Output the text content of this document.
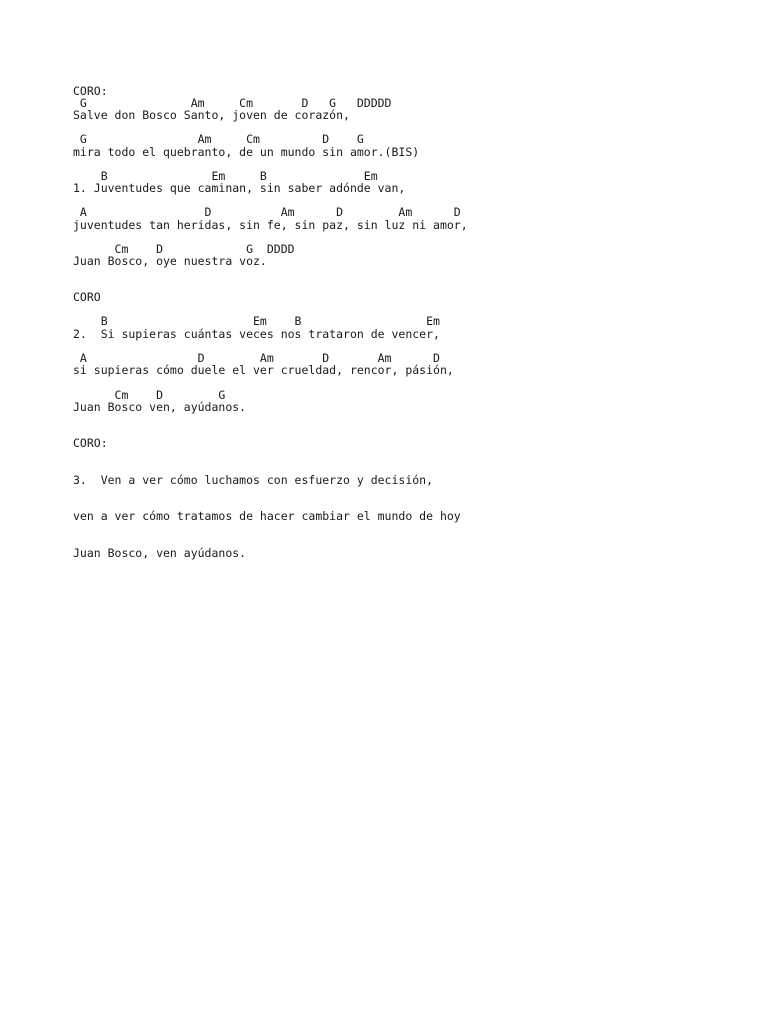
CORO:
G               Am     Cm       D   G   DDDDD
Salve don Bosco Santo, joven de corazón,
G                Am     Cm         D    G
mira todo el quebranto, de un mundo sin amor.(BIS)
B               Em     B              Em
1. Juventudes que caminan, sin saber adónde van,
A                 D          Am      D        Am      D
juventudes tan heridas, sin fe, sin paz, sin luz ni amor,
Cm    D            G  DDDD
Juan Bosco, oye nuestra voz.
CORO
B                     Em    B                  Em
2.  Si supieras cuántas veces nos trataron de vencer,
A                D        Am       D       Am      D
si supieras cómo duele el ver crueldad, rencor, pásión,
Cm    D        G
Juan Bosco ven, ayúdanos.
CORO:
3.  Ven a ver cómo luchamos con esfuerzo y decisión,
ven a ver cómo tratamos de hacer cambiar el mundo de hoy
Juan Bosco, ven ayúdanos.
